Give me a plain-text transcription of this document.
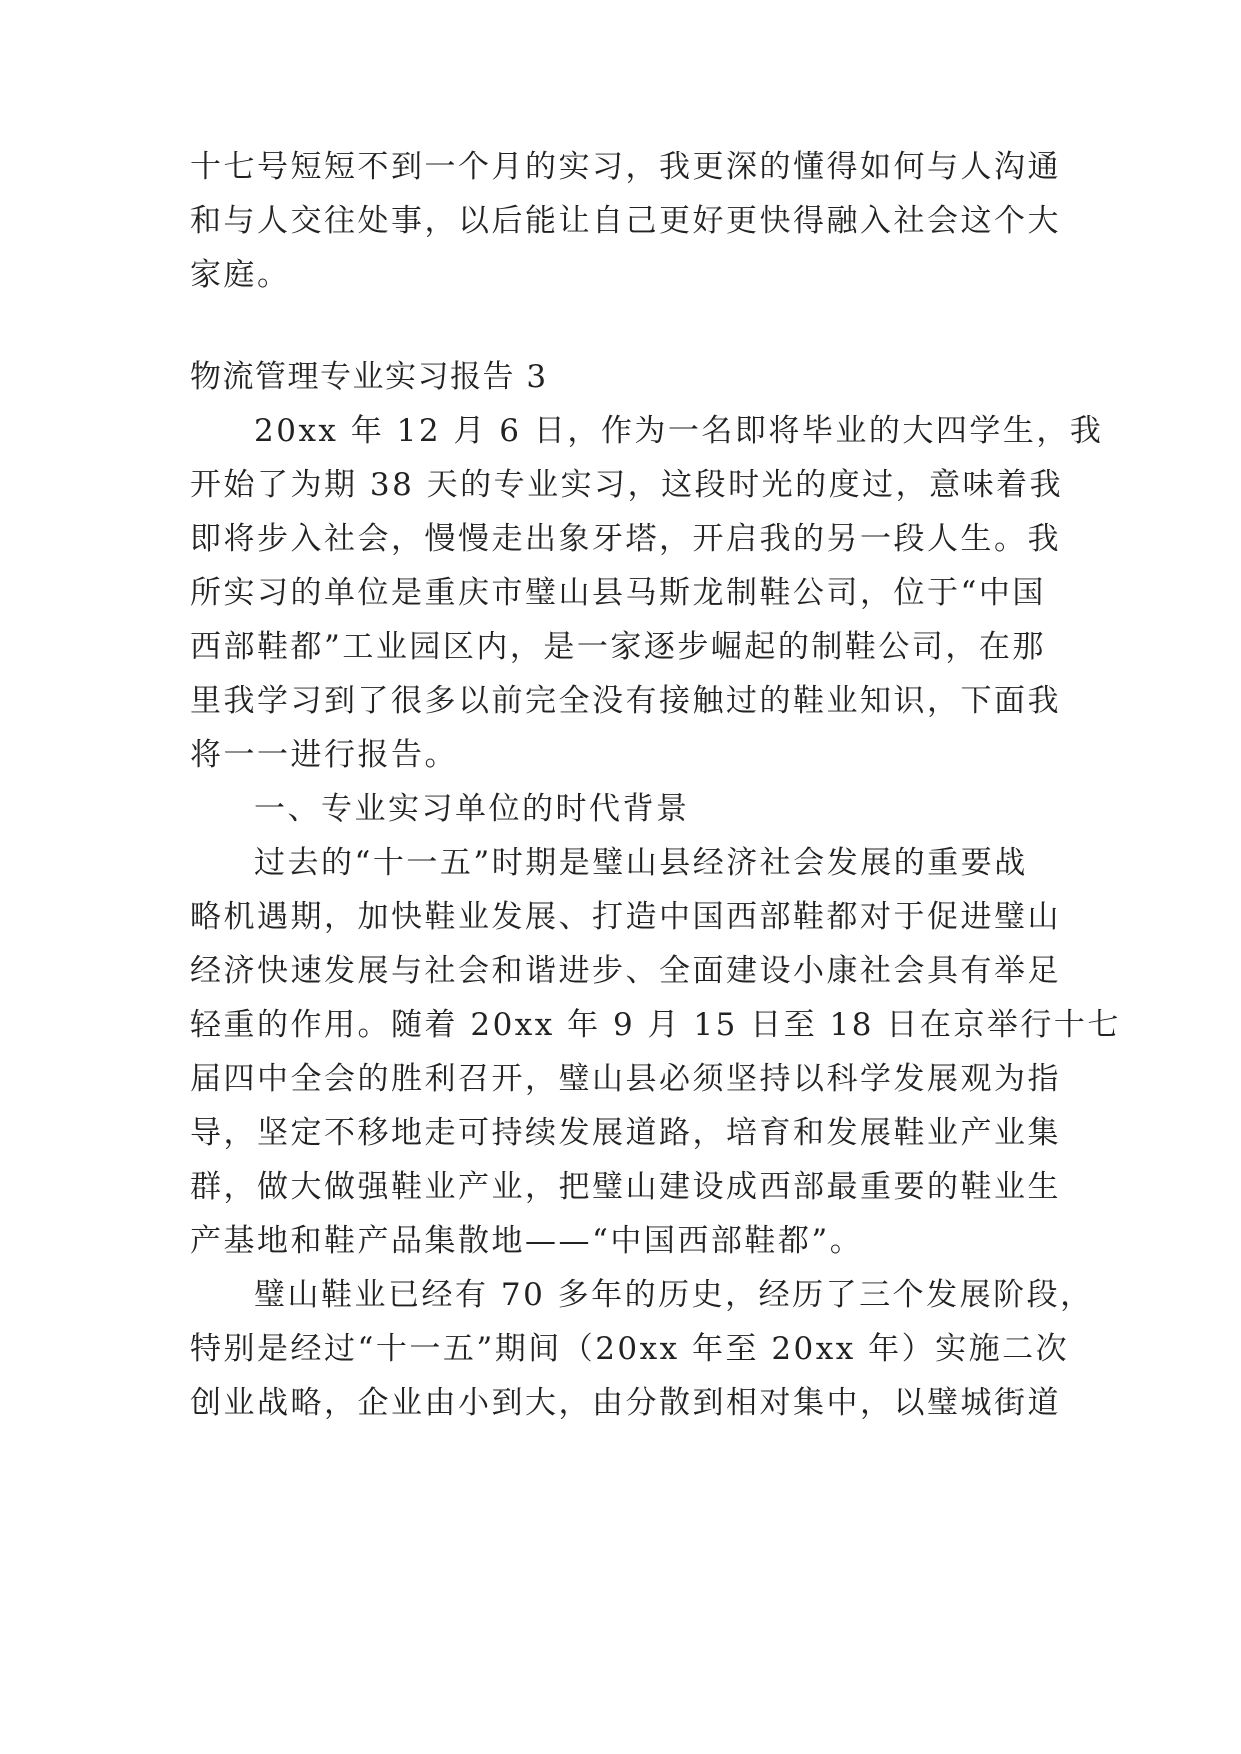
十七号短短不到一个月的实习，我更深的懂得如何与人沟通
和与人交往处事，以后能让自己更好更快得融入社会这个大
家庭。
物流管理专业实习报告 3
20xx 年 12 月 6 日，作为一名即将毕业的大四学生，我
开始了为期 38 天的专业实习，这段时光的度过，意味着我
即将步入社会，慢慢走出象牙塔，开启我的另一段人生。我
所实习的单位是重庆市璧山县马斯龙制鞋公司，位于“中国
西部鞋都”工业园区内，是一家逐步崛起的制鞋公司，在那
里我学习到了很多以前完全没有接触过的鞋业知识，下面我
将一一进行报告。
一、专业实习单位的时代背景
过去的“十一五”时期是璧山县经济社会发展的重要战
略机遇期，加快鞋业发展、打造中国西部鞋都对于促进璧山
经济快速发展与社会和谐进步、全面建设小康社会具有举足
轻重的作用。随着 20xx 年 9 月 15 日至 18 日在京举行十七
届四中全会的胜利召开，璧山县必须坚持以科学发展观为指
导，坚定不移地走可持续发展道路，培育和发展鞋业产业集
群，做大做强鞋业产业，把璧山建设成西部最重要的鞋业生
产基地和鞋产品集散地——“中国西部鞋都”。
璧山鞋业已经有 70 多年的历史，经历了三个发展阶段，
特别是经过“十一五”期间（20xx 年至 20xx 年）实施二次
创业战略，企业由小到大，由分散到相对集中，以璧城街道
